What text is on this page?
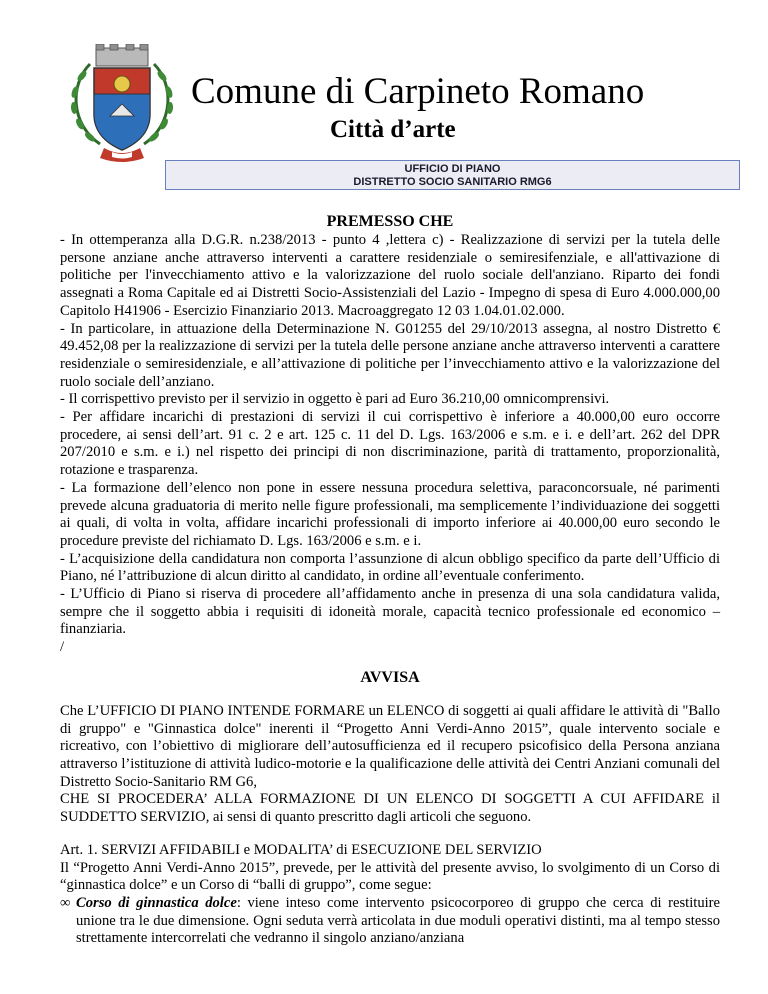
Comune di Carpineto Romano
Città d’arte
UFFICIO DI PIANO
DISTRETTO SOCIO SANITARIO RMG6
PREMESSO CHE

- In ottemperanza alla D.G.R. n.238/2013 - punto 4 ,lettera c) - Realizzazione di servizi per la tutela delle persone anziane anche attraverso interventi a carattere residenziale o semiresifenziale, e all'attivazione di politiche per l'invecchiamento attivo e la valorizzazione del ruolo sociale dell'anziano. Riparto dei fondi assegnati a Roma Capitale ed ai Distretti Socio-Assistenziali del Lazio - Impegno di spesa di Euro 4.000.000,00 Capitolo H41906 - Esercizio Finanziario 2013. Macroaggregato 12 03 1.04.01.02.000.

- In particolare, in attuazione della Determinazione N. G01255 del 29/10/2013 assegna, al nostro Distretto € 49.452,08 per la realizzazione di servizi per la tutela delle persone anziane anche attraverso interventi a carattere residenziale o semiresidenziale, e all’attivazione di politiche per l’invecchiamento attivo e la valorizzazione del ruolo sociale dell’anziano.

- Il corrispettivo previsto per il servizio in oggetto è pari ad Euro 36.210,00 omnicomprensivi.

- Per affidare incarichi di prestazioni di servizi il cui corrispettivo è inferiore a 40.000,00 euro occorre procedere, ai sensi dell’art. 91 c. 2 e art. 125 c. 11 del D. Lgs. 163/2006 e s.m. e i. e dell’art. 262 del DPR 207/2010 e s.m. e i.) nel rispetto dei principi di non discriminazione, parità di trattamento, proporzionalità, rotazione e trasparenza.

- La formazione dell’elenco non pone in essere nessuna procedura selettiva, paraconcorsuale, né parimenti prevede alcuna graduatoria di merito nelle figure professionali, ma semplicemente l’individuazione dei soggetti ai quali, di volta in volta, affidare incarichi professionali di importo inferiore ai 40.000,00 euro secondo le procedure previste del richiamato D. Lgs. 163/2006 e s.m. e i.

- L’acquisizione della candidatura non comporta l’assunzione di alcun obbligo specifico da parte dell’Ufficio di Piano, né l’attribuzione di alcun diritto al candidato, in ordine all’eventuale conferimento.

- L’Ufficio di Piano si riserva di procedere all’affidamento anche in presenza di una sola candidatura valida, sempre che il soggetto abbia i requisiti di idoneità morale, capacità tecnico professionale ed economico – finanziaria.

/

AVVISA

Che L’UFFICIO DI PIANO INTENDE FORMARE un ELENCO di soggetti ai quali affidare le attività di "Ballo di gruppo" e "Ginnastica dolce" inerenti il “Progetto Anni Verdi-Anno 2015”, quale intervento sociale e ricreativo, con l’obiettivo di migliorare dell’autosufficienza ed il recupero psicofisico della Persona anziana attraverso l’istituzione di attività ludico-motorie e la qualificazione delle attività dei Centri Anziani comunali del Distretto Socio-Sanitario RM G6,

CHE SI PROCEDERA’ ALLA FORMAZIONE DI UN ELENCO DI SOGGETTI A CUI AFFIDARE il SUDDETTO SERVIZIO, ai sensi di quanto prescritto dagli articoli che seguono.

Art. 1. SERVIZI AFFIDABILI e MODALITA’ di ESECUZIONE DEL SERVIZIO

Il “Progetto Anni Verdi-Anno 2015”, prevede, per le attività del presente avviso, lo svolgimento di un Corso di “ginnastica dolce” e un Corso di “balli di gruppo”, come segue:

∞ Corso di ginnastica dolce: viene inteso come intervento psicocorporeo di gruppo che cerca di restituire unione tra le due dimensione. Ogni seduta verrà articolata in due moduli operativi distinti, ma al tempo stesso strettamente intercorrelati che vedranno il singolo anziano/anziana
